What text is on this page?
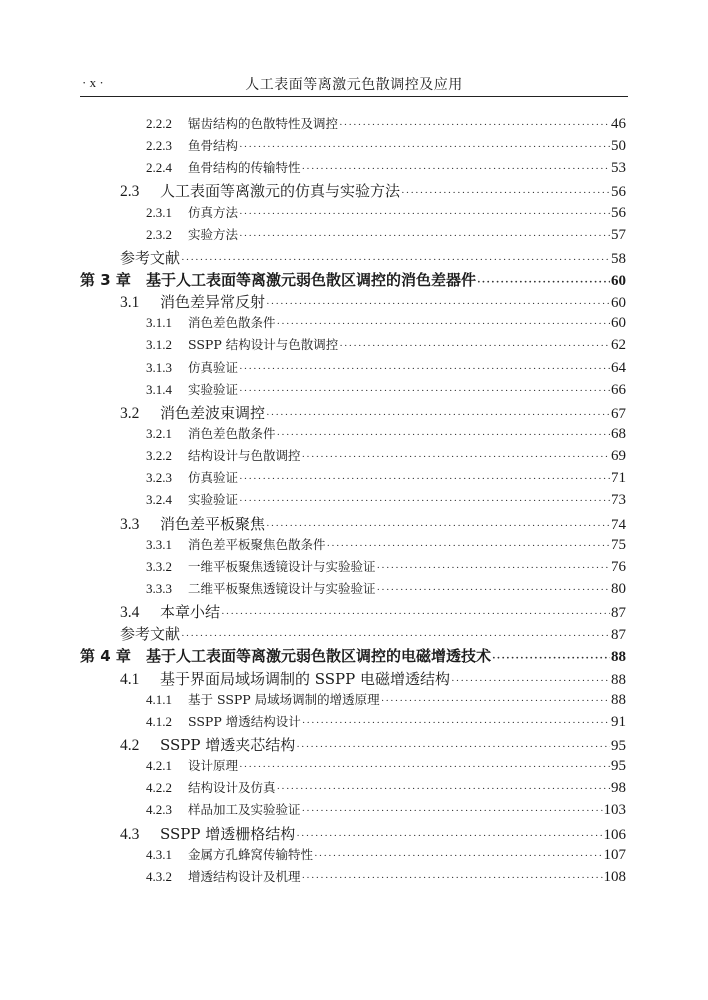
· x ·	人工表面等离激元色散调控及应用
2.2.2	锯齿结构的色散特性及调控 ·····	46
2.2.3	鱼骨结构 ·····	50
2.2.4	鱼骨结构的传输特性 ·····	53
2.3	人工表面等离激元的仿真与实验方法 ·····	56
2.3.1	仿真方法 ·····	56
2.3.2	实验方法 ·····	57
参考文献 ·····	58
第 3 章	基于人工表面等离激元弱色散区调控的消色差器件 ·····	60
3.1	消色差异常反射 ·····	60
3.1.1	消色差色散条件 ·····	60
3.1.2	SSPP 结构设计与色散调控 ·····	62
3.1.3	仿真验证 ·····	64
3.1.4	实验验证 ·····	66
3.2	消色差波束调控 ·····	67
3.2.1	消色差色散条件 ·····	68
3.2.2	结构设计与色散调控 ·····	69
3.2.3	仿真验证 ·····	71
3.2.4	实验验证 ·····	73
3.3	消色差平板聚焦 ·····	74
3.3.1	消色差平板聚焦色散条件 ·····	75
3.3.2	一维平板聚焦透镜设计与实验验证 ·····	76
3.3.3	二维平板聚焦透镜设计与实验验证 ·····	80
3.4	本章小结 ·····	87
参考文献 ·····	87
第 4 章	基于人工表面等离激元弱色散区调控的电磁增透技术 ·····	88
4.1	基于界面局域场调制的 SSPP 电磁增透结构 ·····	88
4.1.1	基于 SSPP 局域场调制的增透原理 ·····	88
4.1.2	SSPP 增透结构设计 ·····	91
4.2	SSPP 增透夹芯结构 ·····	95
4.2.1	设计原理 ·····	95
4.2.2	结构设计及仿真 ·····	98
4.2.3	样品加工及实验验证 ·····	103
4.3	SSPP 增透栅格结构 ·····	106
4.3.1	金属方孔蜂窝传输特性 ·····	107
4.3.2	增透结构设计及机理 ·····	108
